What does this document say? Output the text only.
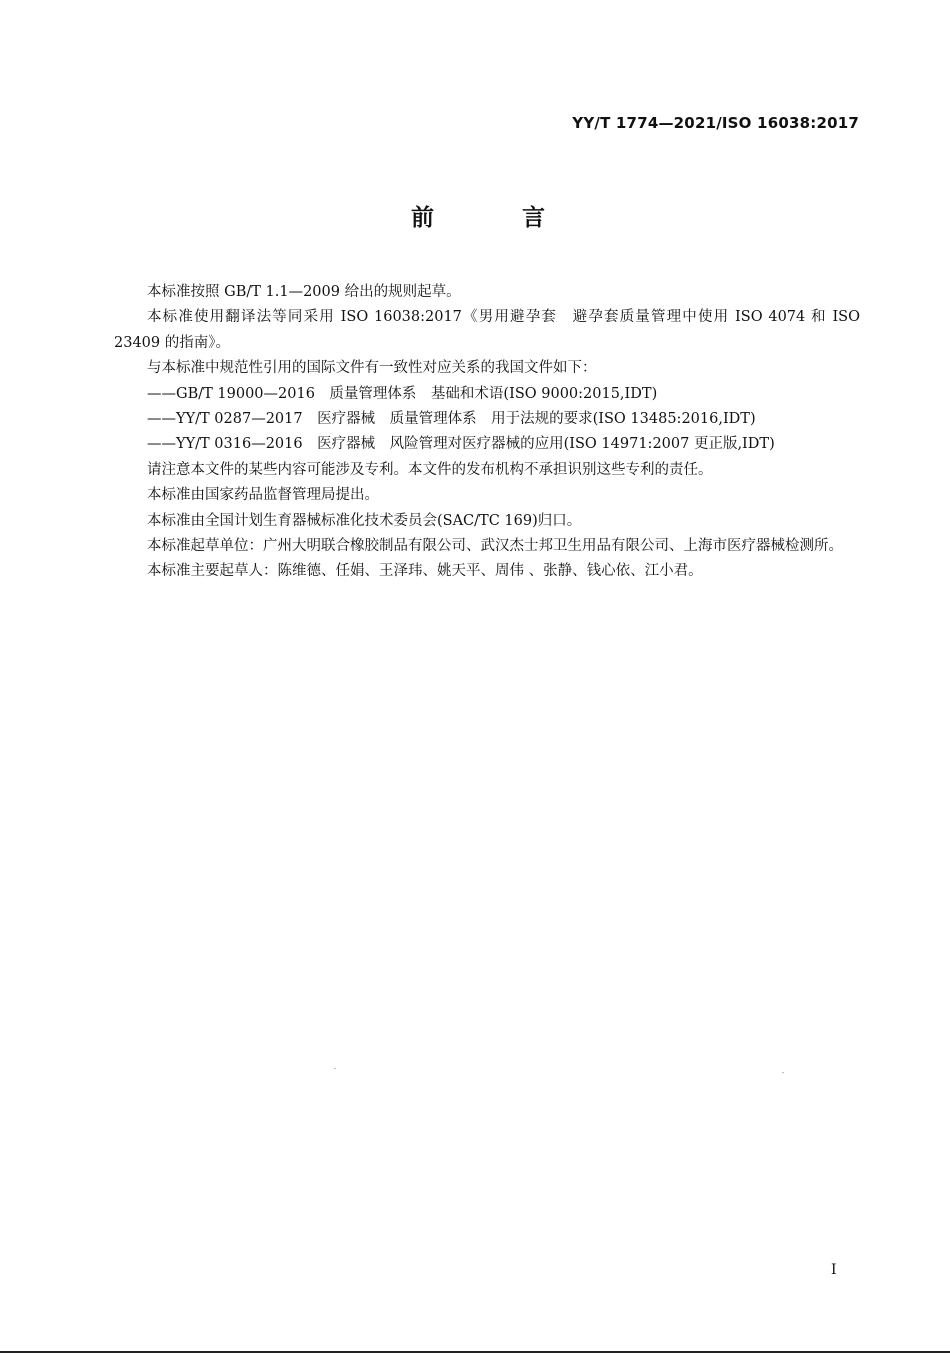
YY/T 1774—2021/ISO 16038:2017
前 言

本标准按照 GB/T 1.1—2009 给出的规则起草。

本标准使用翻译法等同采用 ISO 16038:2017《男用避孕套　避孕套质量管理中使用 ISO 4074 和 ISO 23409 的指南》。

与本标准中规范性引用的国际文件有一致性对应关系的我国文件如下：

——GB/T 19000—2016　质量管理体系　基础和术语(ISO 9000:2015,IDT)

——YY/T 0287—2017　医疗器械　质量管理体系　用于法规的要求(ISO 13485:2016,IDT)

——YY/T 0316—2016　医疗器械　风险管理对医疗器械的应用(ISO 14971:2007 更正版,IDT)

请注意本文件的某些内容可能涉及专利。本文件的发布机构不承担识别这些专利的责任。

本标准由国家药品监督管理局提出。

本标准由全国计划生育器械标准化技术委员会(SAC/TC 169)归口。

本标准起草单位：广州大明联合橡胶制品有限公司、武汉杰士邦卫生用品有限公司、上海市医疗器械检测所。

本标准主要起草人：陈维德、任娟、王泽玮、姚天平、周伟 、张静、钱心依、江小君。

I
